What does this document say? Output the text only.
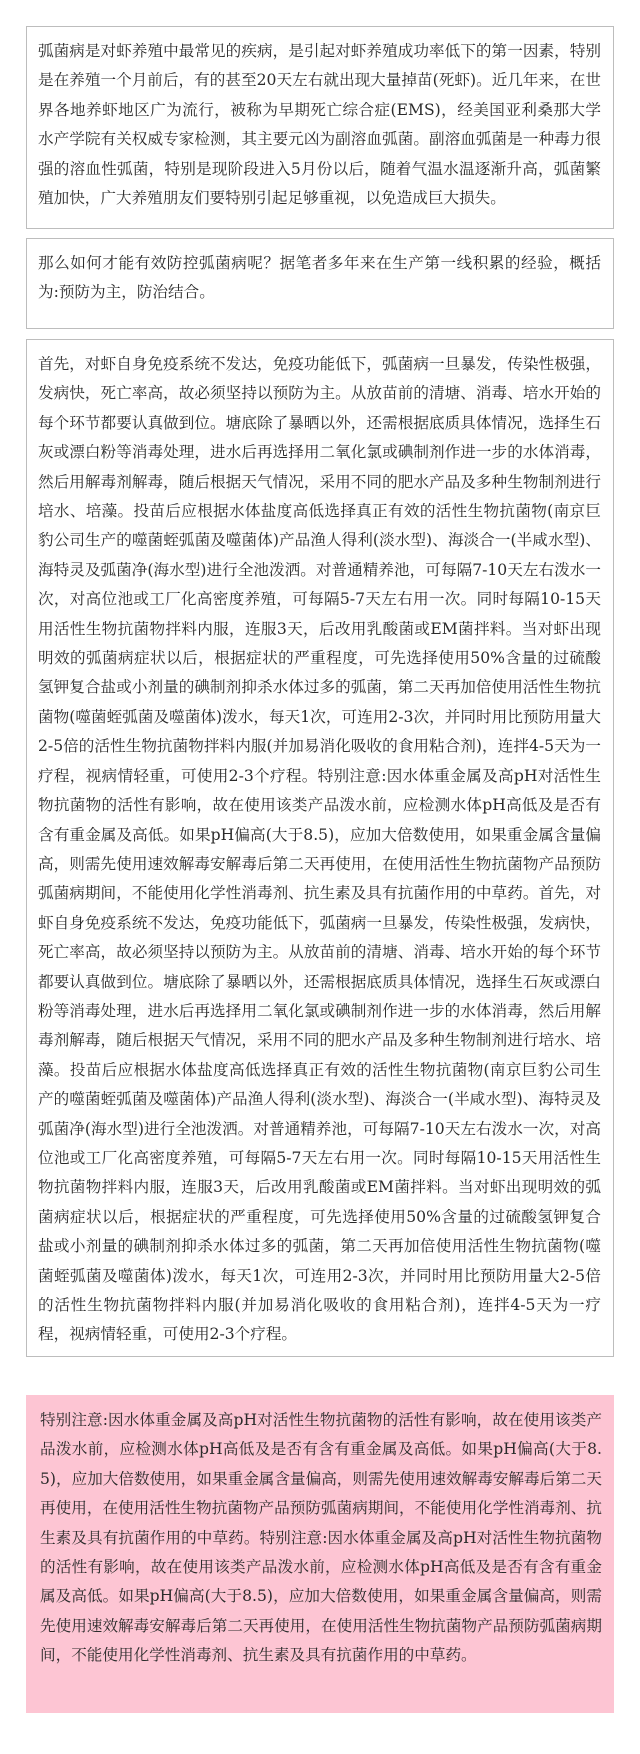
弧菌病是对虾养殖中最常见的疾病，是引起对虾养殖成功率低下的第一因素，特别是在养殖一个月前后，有的甚至20天左右就出现大量掉苗(死虾)。近几年来，在世界各地养虾地区广为流行，被称为早期死亡综合症(EMS)，经美国亚利桑那大学水产学院有关权威专家检测，其主要元凶为副溶血弧菌。副溶血弧菌是一种毒力很强的溶血性弧菌，特别是现阶段进入5月份以后，随着气温水温逐渐升高，弧菌繁殖加快，广大养殖朋友们要特别引起足够重视，以免造成巨大损失。

那么如何才能有效防控弧菌病呢？据笔者多年来在生产第一线积累的经验，概括为:预防为主，防治结合。

首先，对虾自身免疫系统不发达，免疫功能低下，弧菌病一旦暴发，传染性极强，发病快，死亡率高，故必须坚持以预防为主。从放苗前的清塘、消毒、培水开始的每个环节都要认真做到位。塘底除了暴晒以外，还需根据底质具体情况，选择生石灰或漂白粉等消毒处理，进水后再选择用二氧化氯或碘制剂作进一步的水体消毒，然后用解毒剂解毒，随后根据天气情况，采用不同的肥水产品及多种生物制剂进行培水、培藻。投苗后应根据水体盐度高低选择真正有效的活性生物抗菌物(南京巨豹公司生产的噬菌蛭弧菌及噬菌体)产品渔人得利(淡水型)、海淡合一(半咸水型)、海特灵及弧菌净(海水型)进行全池泼洒。对普通精养池，可每隔7-10天左右泼水一次，对高位池或工厂化高密度养殖，可每隔5-7天左右用一次。同时每隔10-15天用活性生物抗菌物拌料内服，连服3天，后改用乳酸菌或EM菌拌料。当对虾出现明效的弧菌病症状以后，根据症状的严重程度，可先选择使用50%含量的过硫酸氢钾复合盐或小剂量的碘制剂抑杀水体过多的弧菌，第二天再加倍使用活性生物抗菌物(噬菌蛭弧菌及噬菌体)泼水，每天1次，可连用2-3次，并同时用比预防用量大2-5倍的活性生物抗菌物拌料内服(并加易消化吸收的食用粘合剂)，连拌4-5天为一疗程，视病情轻重，可使用2-3个疗程。特别注意:因水体重金属及高pH对活性生物抗菌物的活性有影响，故在使用该类产品泼水前，应检测水体pH高低及是否有含有重金属及高低。如果pH偏高(大于8.5)，应加大倍数使用，如果重金属含量偏高，则需先使用速效解毒安解毒后第二天再使用，在使用活性生物抗菌物产品预防弧菌病期间，不能使用化学性消毒剂、抗生素及具有抗菌作用的中草药。首先，对虾自身免疫系统不发达，免疫功能低下，弧菌病一旦暴发，传染性极强，发病快，死亡率高，故必须坚持以预防为主。从放苗前的清塘、消毒、培水开始的每个环节都要认真做到位。塘底除了暴晒以外，还需根据底质具体情况，选择生石灰或漂白粉等消毒处理，进水后再选择用二氧化氯或碘制剂作进一步的水体消毒，然后用解毒剂解毒，随后根据天气情况，采用不同的肥水产品及多种生物制剂进行培水、培藻。投苗后应根据水体盐度高低选择真正有效的活性生物抗菌物(南京巨豹公司生产的噬菌蛭弧菌及噬菌体)产品渔人得利(淡水型)、海淡合一(半咸水型)、海特灵及弧菌净(海水型)进行全池泼洒。对普通精养池，可每隔7-10天左右泼水一次，对高位池或工厂化高密度养殖，可每隔5-7天左右用一次。同时每隔10-15天用活性生物抗菌物拌料内服，连服3天，后改用乳酸菌或EM菌拌料。当对虾出现明效的弧菌病症状以后，根据症状的严重程度，可先选择使用50%含量的过硫酸氢钾复合盐或小剂量的碘制剂抑杀水体过多的弧菌，第二天再加倍使用活性生物抗菌物(噬菌蛭弧菌及噬菌体)泼水，每天1次，可连用2-3次，并同时用比预防用量大2-5倍的活性生物抗菌物拌料内服(并加易消化吸收的食用粘合剂)，连拌4-5天为一疗程，视病情轻重，可使用2-3个疗程。

特别注意:因水体重金属及高pH对活性生物抗菌物的活性有影响，故在使用该类产品泼水前，应检测水体pH高低及是否有含有重金属及高低。如果pH偏高(大于8.5)，应加大倍数使用，如果重金属含量偏高，则需先使用速效解毒安解毒后第二天再使用，在使用活性生物抗菌物产品预防弧菌病期间，不能使用化学性消毒剂、抗生素及具有抗菌作用的中草药。特别注意:因水体重金属及高pH对活性生物抗菌物的活性有影响，故在使用该类产品泼水前，应检测水体pH高低及是否有含有重金属及高低。如果pH偏高(大于8.5)，应加大倍数使用，如果重金属含量偏高，则需先使用速效解毒安解毒后第二天再使用，在使用活性生物抗菌物产品预防弧菌病期间，不能使用化学性消毒剂、抗生素及具有抗菌作用的中草药。
